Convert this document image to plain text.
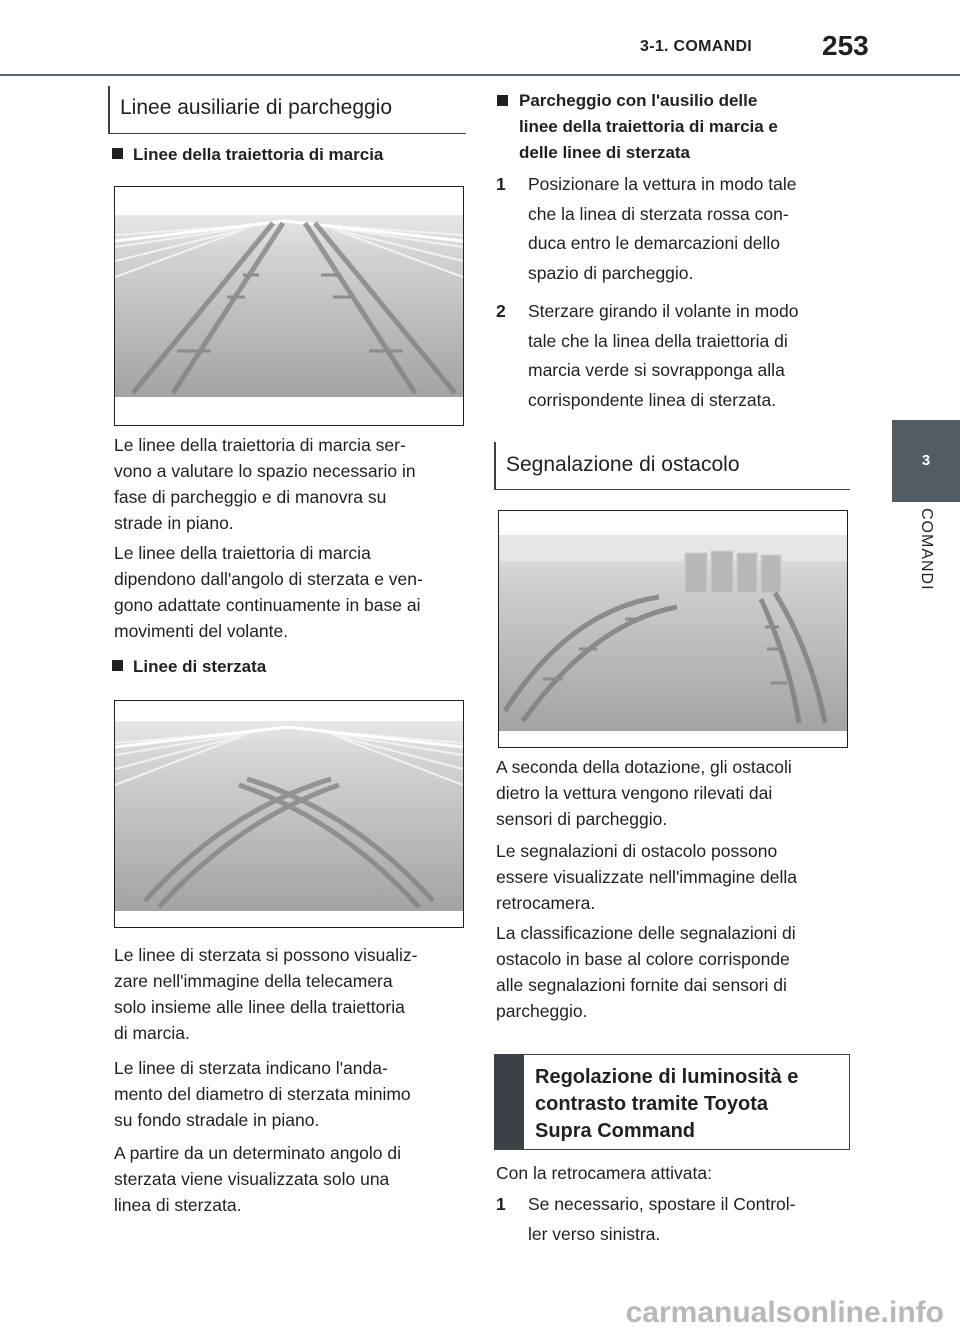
3-1. COMANDI 253
3
COMANDI
Linee ausiliarie di parcheggio
Linee della traiettoria di marcia
Le linee della traiettoria di marcia ser-
vono a valutare lo spazio necessario in
fase di parcheggio e di manovra su
strade in piano.
Le linee della traiettoria di marcia
dipendono dall'angolo di sterzata e ven-
gono adattate continuamente in base ai
movimenti del volante.
Linee di sterzata
Le linee di sterzata si possono visualiz-
zare nell'immagine della telecamera
solo insieme alle linee della traiettoria
di marcia.
Le linee di sterzata indicano l'anda-
mento del diametro di sterzata minimo
su fondo stradale in piano.
A partire da un determinato angolo di
sterzata viene visualizzata solo una
linea di sterzata.
Parcheggio con l'ausilio delle
linee della traiettoria di marcia e
delle linee di sterzata
1 Posizionare la vettura in modo tale
che la linea di sterzata rossa con-
duca entro le demarcazioni dello
spazio di parcheggio.
2 Sterzare girando il volante in modo
tale che la linea della traiettoria di
marcia verde si sovrapponga alla
corrispondente linea di sterzata.
Segnalazione di ostacolo
A seconda della dotazione, gli ostacoli
dietro la vettura vengono rilevati dai
sensori di parcheggio.
Le segnalazioni di ostacolo possono
essere visualizzate nell'immagine della
retrocamera.
La classificazione delle segnalazioni di
ostacolo in base al colore corrisponde
alle segnalazioni fornite dai sensori di
parcheggio.
Regolazione di luminosità e
contrasto tramite Toyota
Supra Command
Con la retrocamera attivata:
1 Se necessario, spostare il Control-
ler verso sinistra.
carmanualsonline.info
